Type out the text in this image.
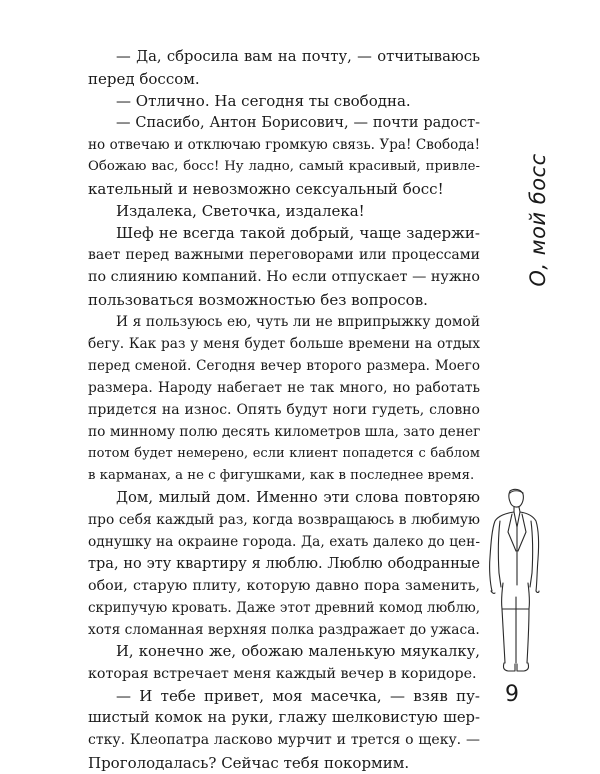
— Да, сбросила вам на почту, — отчитываюсь
перед боссом.
— Отлично. На сегодня ты свободна.
— Спасибо, Антон Борисович, — почти радост-
но отвечаю и отключаю громкую связь. Ура! Свобода!
Обожаю вас, босс! Ну ладно, самый красивый, привле-
кательный и невозможно сексуальный босс!
Издалека, Светочка, издалека!
Шеф не всегда такой добрый, чаще задержи-
вает перед важными переговорами или процессами
по слиянию компаний. Но если отпускает — нужно
пользоваться возможностью без вопросов.
И я пользуюсь ею, чуть ли не вприпрыжку домой
бегу. Как раз у меня будет больше времени на отдых
перед сменой. Сегодня вечер второго размера. Моего
размера. Народу набегает не так много, но работать
придется на износ. Опять будут ноги гудеть, словно
по минному полю десять километров шла, зато денег
потом будет немерено, если клиент попадется с баблом
в карманах, а не с фигушками, как в последнее время.
Дом, милый дом. Именно эти слова повторяю
про себя каждый раз, когда возвращаюсь в любимую
однушку на окраине города. Да, ехать далеко до цен-
тра, но эту квартиру я люблю. Люблю ободранные
обои, старую плиту, которую давно пора заменить,
скрипучую кровать. Даже этот древний комод люблю,
хотя сломанная верхняя полка раздражает до ужаса.
И, конечно же, обожаю маленькую мяукалку,
которая встречает меня каждый вечер в коридоре.
— И тебе привет, моя масечка, — взяв пу-
шистый комок на руки, глажу шелковистую шер-
стку. Клеопатра ласково мурчит и трется о щеку. —
Проголодалась? Сейчас тебя покормим.
О, мой босс
9
